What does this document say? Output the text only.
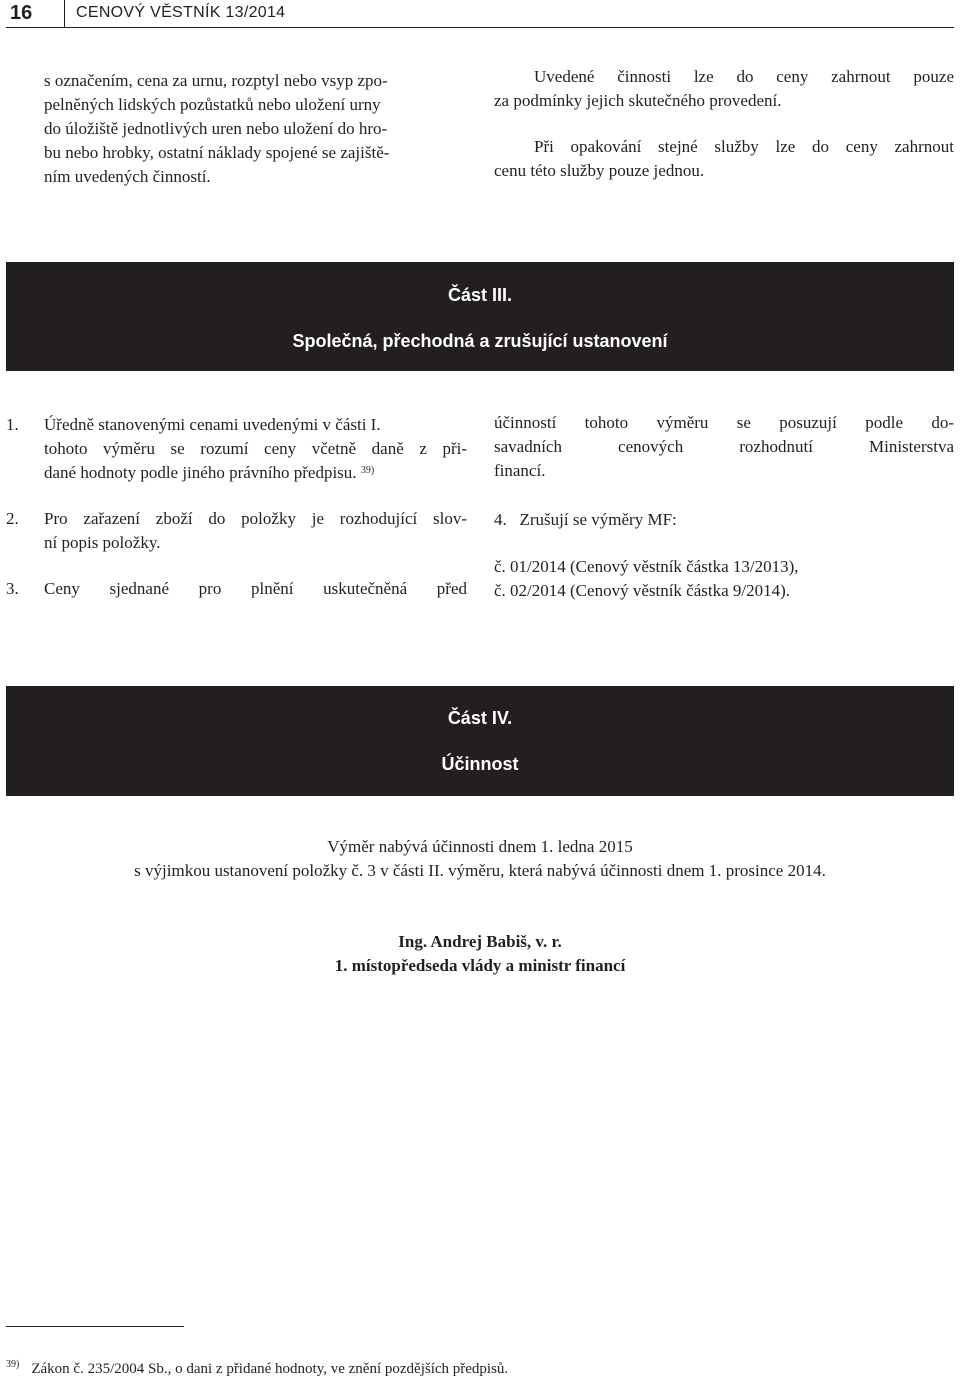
16	CENOVÝ VĚSTNÍK 13/2014
s označením, cena za urnu, rozptyl nebo vsyp zpo-
pelněných lidských pozůstatků nebo uložení urny
do úložiště jednotlivých uren nebo uložení do hro-
bu nebo hrobky, ostatní náklady spojené se zajiště-
ním uvedených činností.
Uvedené činnosti lze do ceny zahrnout pouze
za podmínky jejich skutečného provedení.
Při opakování stejné služby lze do ceny zahrnout
cenu této služby pouze jednou.
Část III.
Společná, přechodná a zrušující ustanovení
1.	Úředně stanovenými cenami uvedenými v části I.
tohoto výměru se rozumí ceny včetně daně z při-
dané hodnoty podle jiného právního předpisu. $^{39)}$
2.	Pro zařazení zboží do položky je rozhodující slov-
ní popis položky.
3.	Ceny sjednané pro plnění uskutečněná před
účinností tohoto výměru se posuzují podle do-
savadních cenových rozhodnutí Ministerstva
financí.
4. Zrušují se výměry MF:
č. 01/2014 (Cenový věstník částka 13/2013),
č. 02/2014 (Cenový věstník částka 9/2014).
Část IV.
Účinnost
Výměr nabývá účinnosti dnem 1. ledna 2015
s výjimkou ustanovení položky č. 3 v části II. výměru, která nabývá účinnosti dnem 1. prosince 2014.
Ing. Andrej Babiš, v. r.
1. místopředseda vlády a ministr financí
$^{39)}$ Zákon č. 235/2004 Sb., o dani z přidané hodnoty, ve znění pozdějších předpisů.
